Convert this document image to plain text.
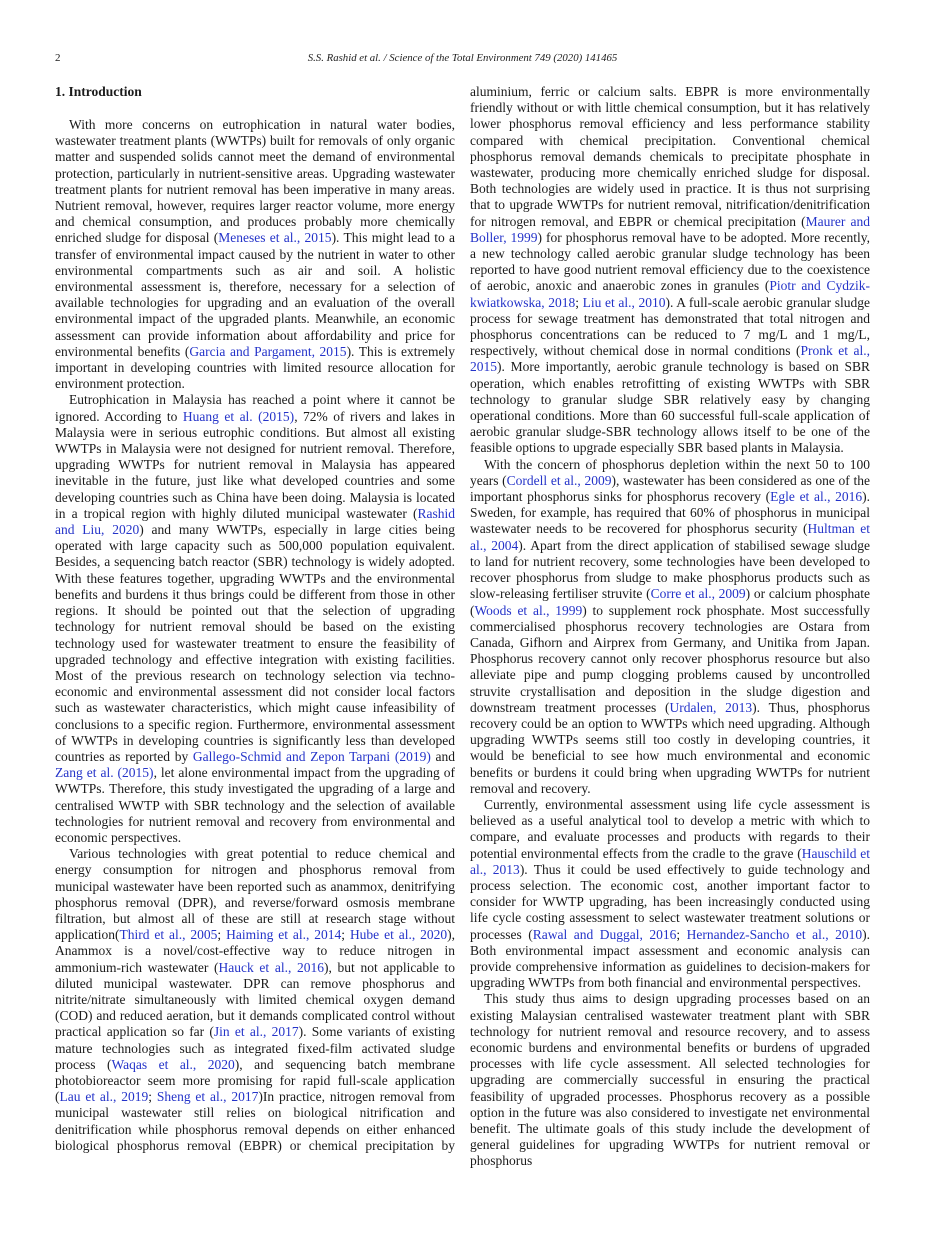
2	S.S. Rashid et al. / Science of the Total Environment 749 (2020) 141465
1. Introduction

With more concerns on eutrophication in natural water bodies, wastewater treatment plants (WWTPs) built for removals of only organic matter and suspended solids cannot meet the demand of environmental protection, particularly in nutrient-sensitive areas. Upgrading wastewater treatment plants for nutrient removal has been imperative in many areas. Nutrient removal, however, requires larger reactor volume, more energy and chemical consumption, and produces probably more chemically enriched sludge for disposal (Meneses et al., 2015). This might lead to a transfer of environmental impact caused by the nutrient in water to other environmental compartments such as air and soil. A holistic environmental assessment is, therefore, necessary for a selection of available technologies for upgrading and an evaluation of the overall environmental impact of the upgraded plants. Meanwhile, an economic assessment can provide information about affordability and price for environmental benefits (Garcia and Pargament, 2015). This is extremely important in developing countries with limited resource allocation for environment protection.

Eutrophication in Malaysia has reached a point where it cannot be ignored. According to Huang et al. (2015), 72% of rivers and lakes in Malaysia were in serious eutrophic conditions. But almost all existing WWTPs in Malaysia were not designed for nutrient removal. Therefore, upgrading WWTPs for nutrient removal in Malaysia has appeared inevitable in the future, just like what developed countries and some developing countries such as China have been doing. Malaysia is located in a tropical region with highly diluted municipal wastewater (Rashid and Liu, 2020) and many WWTPs, especially in large cities being operated with large capacity such as 500,000 population equivalent. Besides, a sequencing batch reactor (SBR) technology is widely adopted. With these features together, upgrading WWTPs and the environmental benefits and burdens it thus brings could be different from those in other regions. It should be pointed out that the selection of upgrading technology for nutrient removal should be based on the existing technology used for wastewater treatment to ensure the feasibility of upgraded technology and effective integration with existing facilities. Most of the previous research on technology selection via techno-economic and environmental assessment did not consider local factors such as wastewater characteristics, which might cause infeasibility of conclusions to a specific region. Furthermore, environmental assessment of WWTPs in developing countries is significantly less than developed countries as reported by Gallego-Schmid and Zepon Tarpani (2019) and Zang et al. (2015), let alone environmental impact from the upgrading of WWTPs. Therefore, this study investigated the upgrading of a large and centralised WWTP with SBR technology and the selection of available technologies for nutrient removal and recovery from environmental and economic perspectives.

Various technologies with great potential to reduce chemical and energy consumption for nitrogen and phosphorus removal from municipal wastewater have been reported such as anammox, denitrifying phosphorus removal (DPR), and reverse/forward osmosis membrane filtration, but almost all of these are still at research stage without application(Third et al., 2005; Haiming et al., 2014; Hube et al., 2020), Anammox is a novel/cost-effective way to reduce nitrogen in ammonium-rich wastewater (Hauck et al., 2016), but not applicable to diluted municipal wastewater. DPR can remove phosphorus and nitrite/nitrate simultaneously with limited chemical oxygen demand (COD) and reduced aeration, but it demands complicated control without practical application so far (Jin et al., 2017). Some variants of existing mature technologies such as integrated fixed-film activated sludge process (Waqas et al., 2020), and sequencing batch membrane photobioreactor seem more promising for rapid full-scale application (Lau et al., 2019; Sheng et al., 2017)In practice, nitrogen removal from municipal wastewater still relies on biological nitrification and denitrification while phosphorus removal depends on either enhanced biological phosphorus removal (EBPR) or chemical precipitation by

aluminium, ferric or calcium salts. EBPR is more environmentally friendly without or with little chemical consumption, but it has relatively lower phosphorus removal efficiency and less performance stability compared with chemical precipitation. Conventional chemical phosphorus removal demands chemicals to precipitate phosphate in wastewater, producing more chemically enriched sludge for disposal. Both technologies are widely used in practice. It is thus not surprising that to upgrade WWTPs for nutrient removal, nitrification/denitrification for nitrogen removal, and EBPR or chemical precipitation (Maurer and Boller, 1999) for phosphorus removal have to be adopted. More recently, a new technology called aerobic granular sludge technology has been reported to have good nutrient removal efficiency due to the coexistence of aerobic, anoxic and anaerobic zones in granules (Piotr and Cydzik-kwiatkowska, 2018; Liu et al., 2010). A full-scale aerobic granular sludge process for sewage treatment has demonstrated that total nitrogen and phosphorus concentrations can be reduced to 7 mg/L and 1 mg/L, respectively, without chemical dose in normal conditions (Pronk et al., 2015). More importantly, aerobic granule technology is based on SBR operation, which enables retrofitting of existing WWTPs with SBR technology to granular sludge SBR relatively easy by changing operational conditions. More than 60 successful full-scale application of aerobic granular sludge-SBR technology allows itself to be one of the feasible options to upgrade especially SBR based plants in Malaysia.

With the concern of phosphorus depletion within the next 50 to 100 years (Cordell et al., 2009), wastewater has been considered as one of the important phosphorus sinks for phosphorus recovery (Egle et al., 2016). Sweden, for example, has required that 60% of phosphorus in municipal wastewater needs to be recovered for phosphorus security (Hultman et al., 2004). Apart from the direct application of stabilised sewage sludge to land for nutrient recovery, some technologies have been developed to recover phosphorus from sludge to make phosphorus products such as slow-releasing fertiliser struvite (Corre et al., 2009) or calcium phosphate (Woods et al., 1999) to supplement rock phosphate. Most successfully commercialised phosphorus recovery technologies are Ostara from Canada, Gifhorn and Airprex from Germany, and Unitika from Japan. Phosphorus recovery cannot only recover phosphorus resource but also alleviate pipe and pump clogging problems caused by uncontrolled struvite crystallisation and deposition in the sludge digestion and downstream treatment processes (Urdalen, 2013). Thus, phosphorus recovery could be an option to WWTPs which need upgrading. Although upgrading WWTPs seems still too costly in developing countries, it would be beneficial to see how much environmental and economic benefits or burdens it could bring when upgrading WWTPs for nutrient removal and recovery.

Currently, environmental assessment using life cycle assessment is believed as a useful analytical tool to develop a metric with which to compare, and evaluate processes and products with regards to their potential environmental effects from the cradle to the grave (Hauschild et al., 2013). Thus it could be used effectively to guide technology and process selection. The economic cost, another important factor to consider for WWTP upgrading, has been increasingly conducted using life cycle costing assessment to select wastewater treatment solutions or processes (Rawal and Duggal, 2016; Hernandez-Sancho et al., 2010). Both environmental impact assessment and economic analysis can provide comprehensive information as guidelines to decision-makers for upgrading WWTPs from both financial and environmental perspectives.

This study thus aims to design upgrading processes based on an existing Malaysian centralised wastewater treatment plant with SBR technology for nutrient removal and resource recovery, and to assess economic burdens and environmental benefits or burdens of upgraded processes with life cycle assessment. All selected technologies for upgrading are commercially successful in ensuring the practical feasibility of upgraded processes. Phosphorus recovery as a possible option in the future was also considered to investigate net environmental benefit. The ultimate goals of this study include the development of general guidelines for upgrading WWTPs for nutrient removal or phosphorus
